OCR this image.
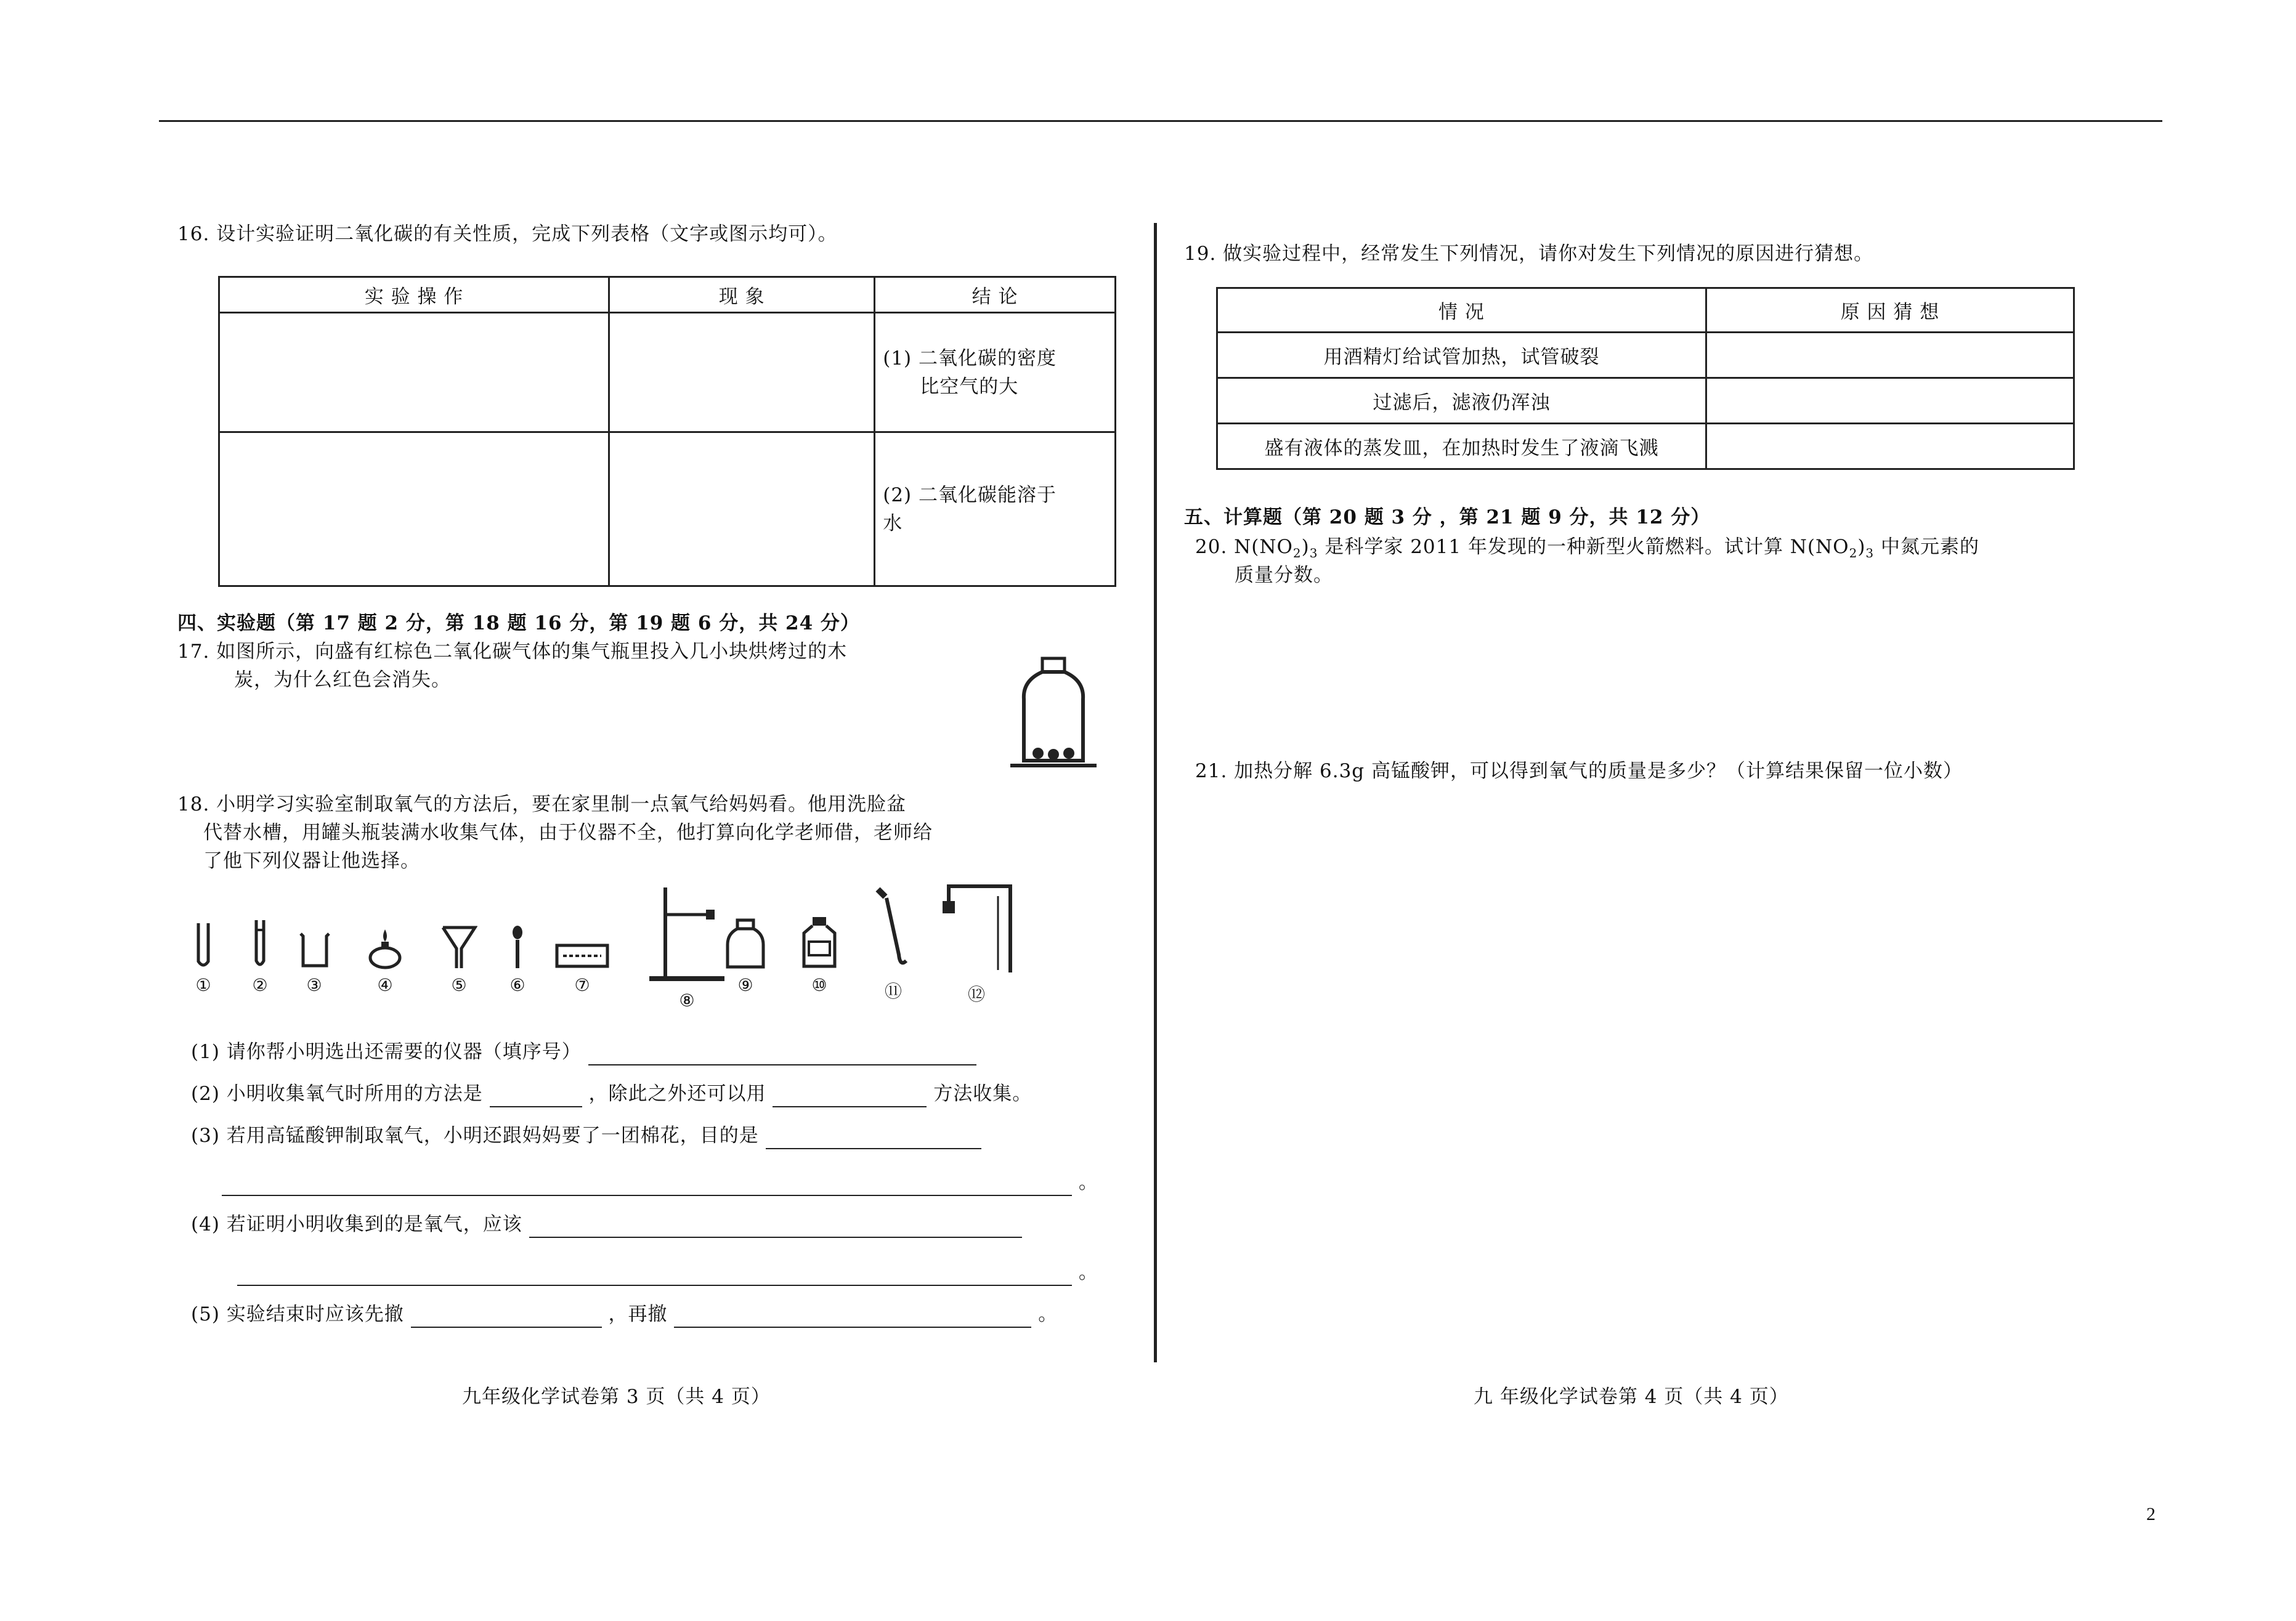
16. 设计实验证明二氧化碳的有关性质，完成下列表格（文字或图示均可）。
实 验 操 作	现 象	结 论

		(1) 二氧化碳的密度
比空气的大

		(2) 二氧化碳能溶于
水
四、实验题（第 17 题 2 分，第 18 题 16 分，第 19 题 6 分，共 24 分）
17. 如图所示，向盛有红棕色二氧化碳气体的集气瓶里投入几小块烘烤过的木
炭，为什么红色会消失。
18. 小明学习实验室制取氧气的方法后，要在家里制一点氧气给妈妈看。他用洗脸盆
代替水槽，用罐头瓶装满水收集气体，由于仪器不全，他打算向化学老师借，老师给
了他下列仪器让他选择。
①	②	③	④	⑤	⑥	⑦
⑧
⑨	⑩	⑪	⑫
(1) 请你帮小明选出还需要的仪器（填序号）
(2) 小明收集氧气时所用的方法是	，除此之外还可以用	方法收集。
(3) 若用高锰酸钾制取氧气，小明还跟妈妈要了一团棉花，目的是
。
(4) 若证明小明收集到的是氧气，应该
。
(5) 实验结束时应该先撤	，再撤	。
九年级化学试卷第 3 页（共 4 页）
19. 做实验过程中，经常发生下列情况，请你对发生下列情况的原因进行猜想。
情 况	原 因 猜 想
用酒精灯给试管加热，试管破裂	
过滤后，滤液仍浑浊	
盛有液体的蒸发皿，在加热时发生了液滴飞溅	
五、计算题（第 20 题 3 分 ，第 21 题 9 分，共 12 分）
20. $N(NO_2)_3$ 是科学家 2011 年发现的一种新型火箭燃料。试计算 $N(NO_2)_3$ 中氮元素的
质量分数。
21. 加热分解 6.3g 高锰酸钾，可以得到氧气的质量是多少？（计算结果保留一位小数）
九 年级化学试卷第 4 页（共 4 页）
2
